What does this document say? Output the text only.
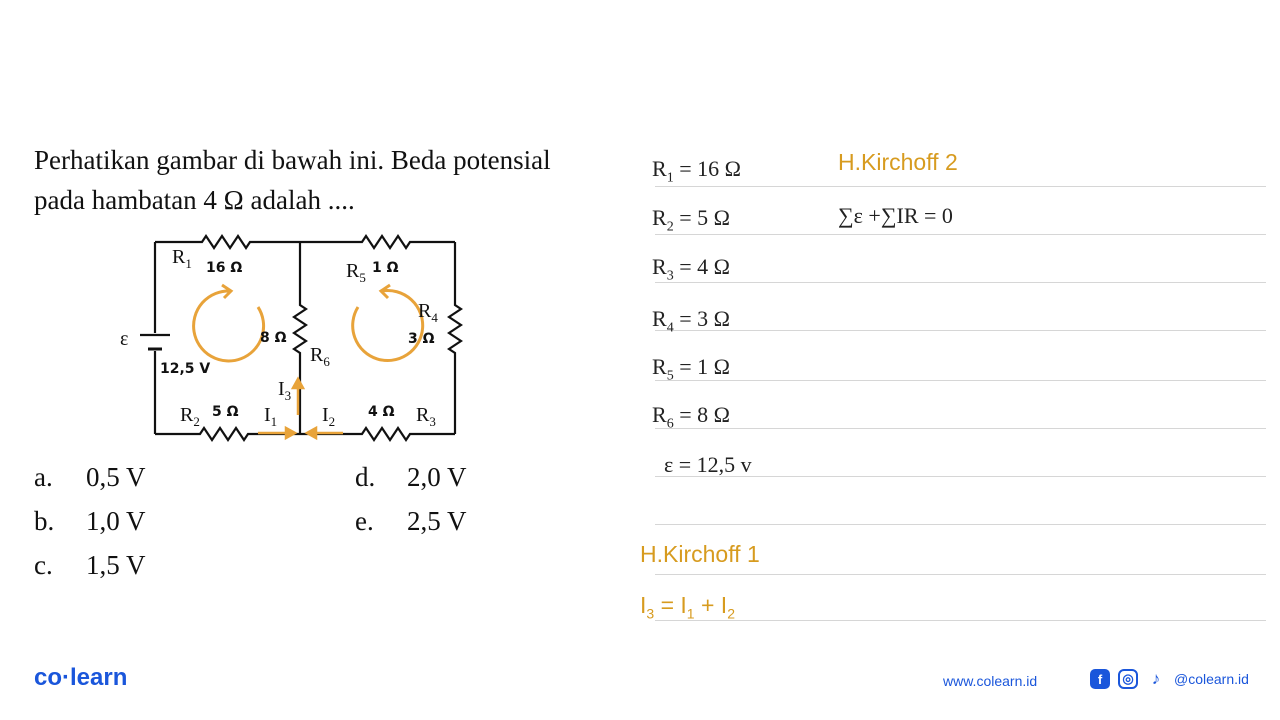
Perhatikan gambar di bawah ini. Beda potensial
pada hambatan 4 Ω adalah ....
$R_1$ 16 Ω	$R_5$
1 Ω
$R_4$
3 Ω
8 Ω
$R_6$
ε
12,5 V
$I_3$
$R_2$
5 Ω $I_1$ $I_2$
4 Ω $R_3$
a. 0,5 V
b. 1,0 V
c. 1,5 V
d. 2,0 V
e. 2,5 V
$R_1 = 16$ Ω
$R_2 = 5$ Ω
$R_3 = 4$ Ω
$R_4 = 3$ Ω
$R_5 = 1$ Ω
$R_6 = 8$ Ω
ε = 12,5 v
H.Kirchoff 2
∑ε +∑IR = 0
H.Kirchoff 1
$I_3 = I_1 + I_2$
co·learn	www.colearn.id	f	◎	♪ @colearn.id
